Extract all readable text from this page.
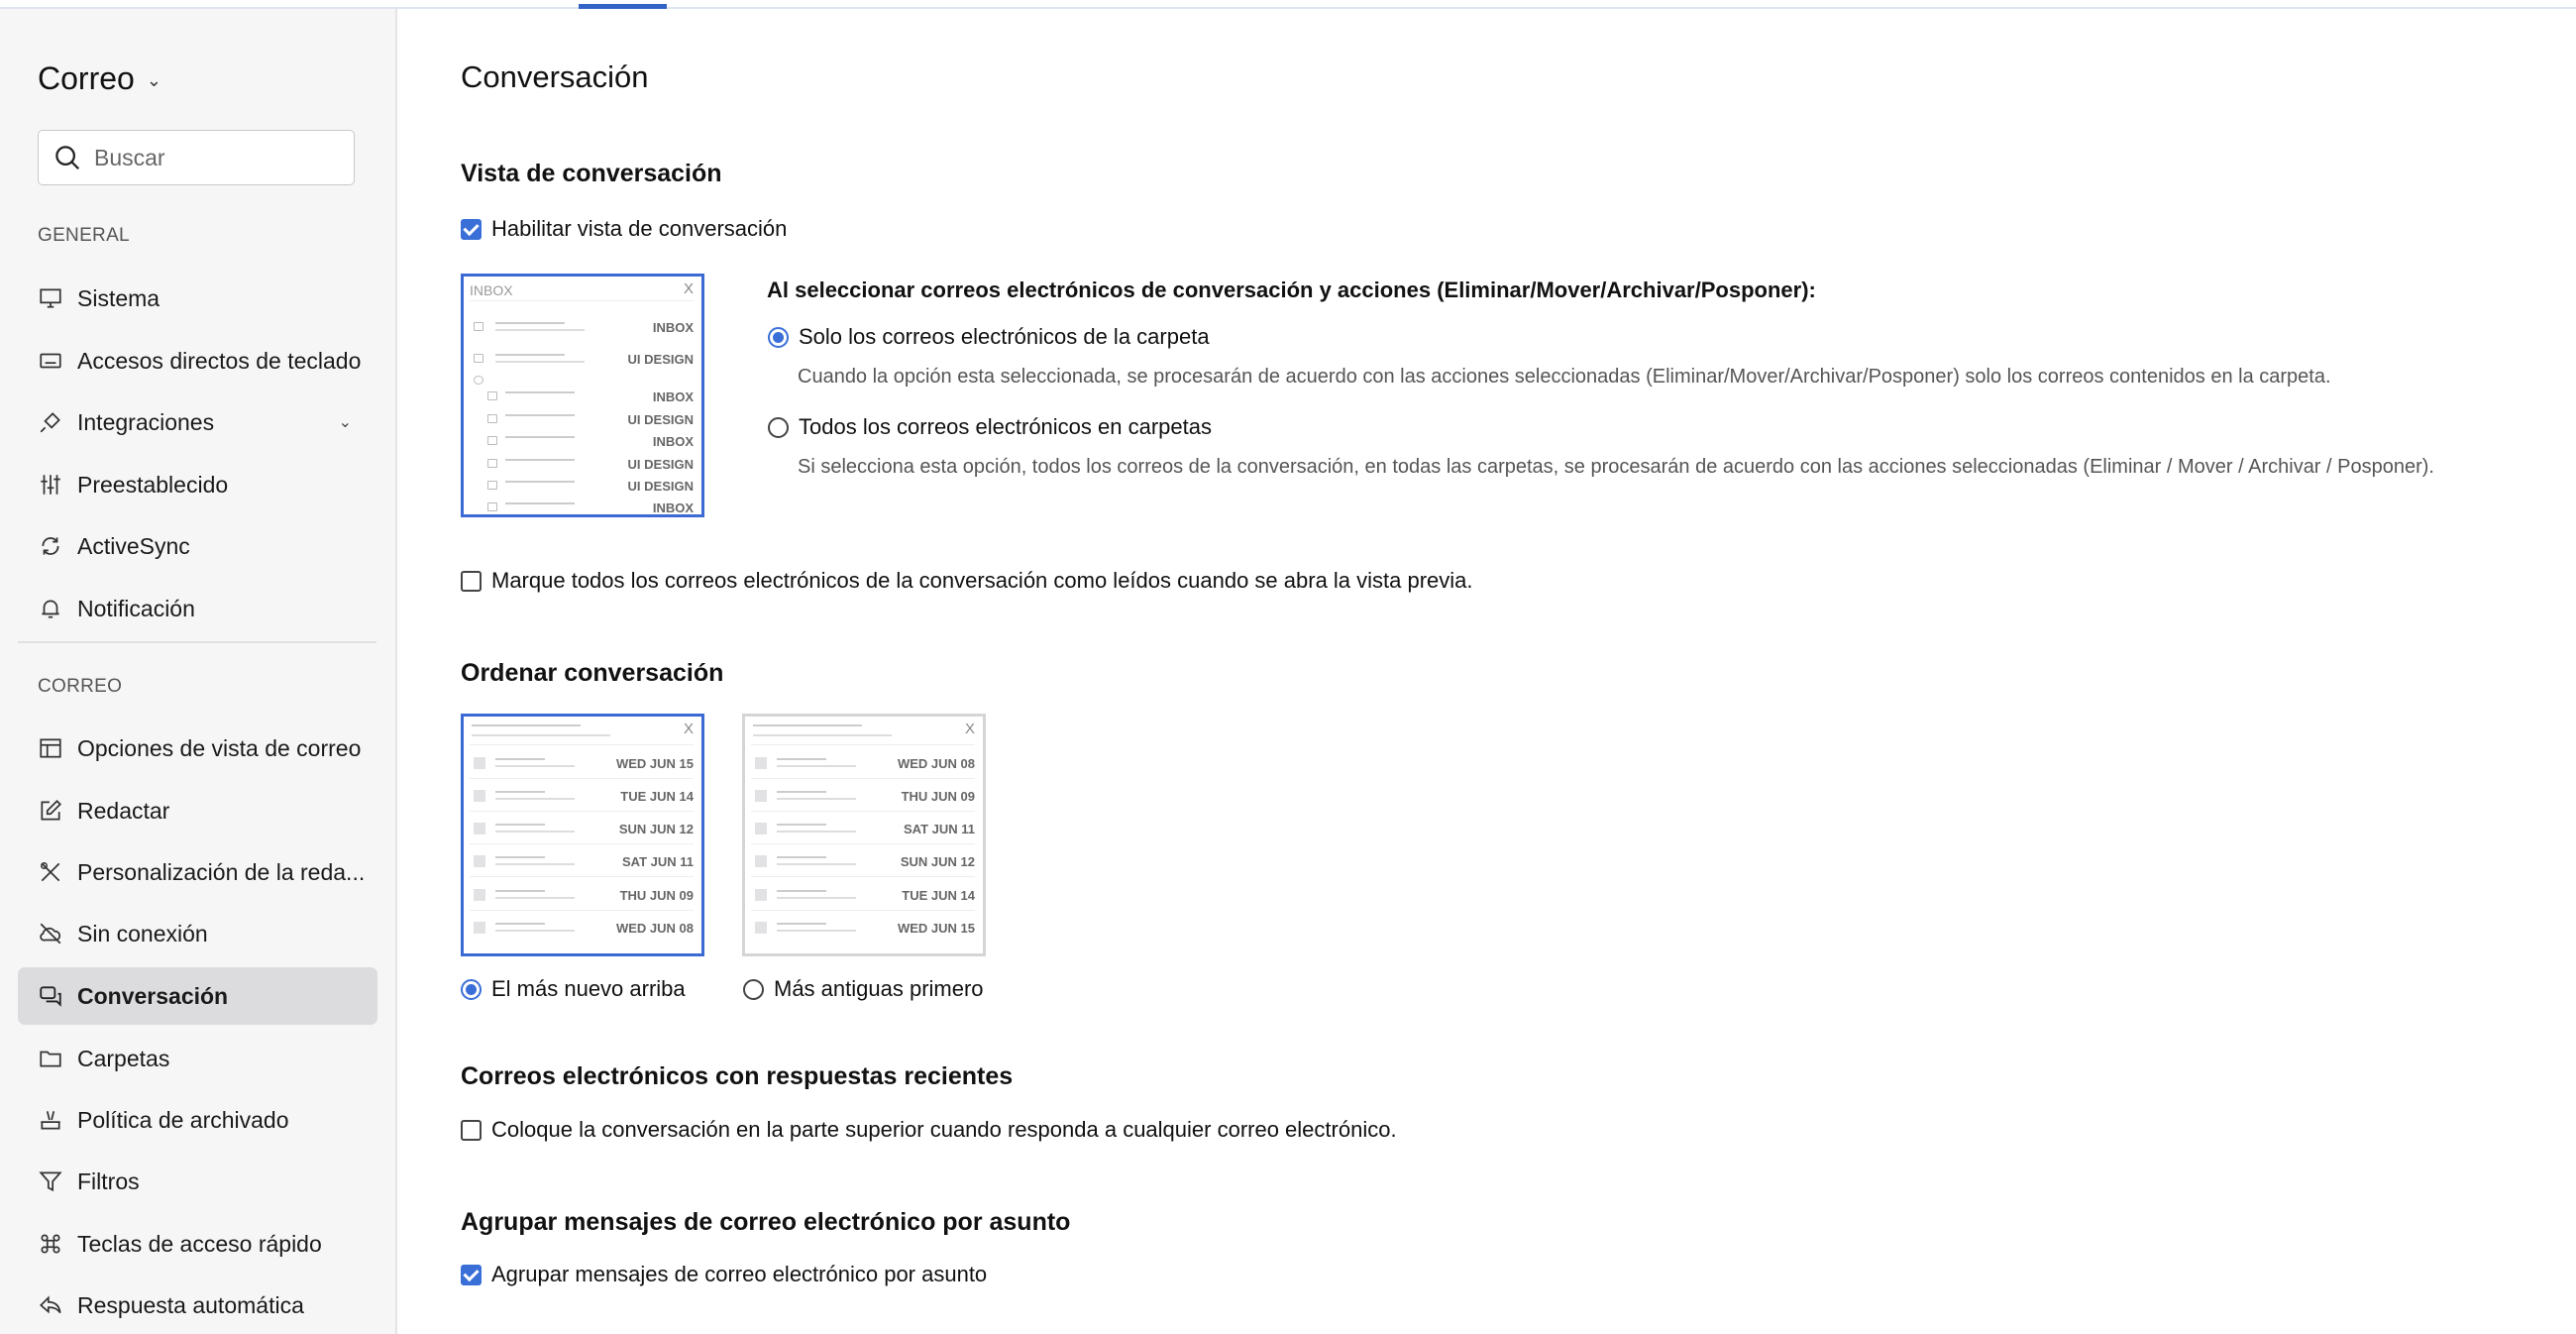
Correo ⌄
Buscar
GENERAL
Sistema
Accesos directos de teclado
Integraciones	⌄
Preestablecido
ActiveSync
Notificación
CORREO
Opciones de vista de correo
Redactar
Personalización de la reda...
Sin conexión
Conversación
Carpetas
Política de archivado
Filtros
Teclas de acceso rápido
Respuesta automática
Conversación
Vista de conversación
Habilitar vista de conversación
INBOX	X
INBOX
UI DESIGN
INBOX
UI DESIGN
INBOX
UI DESIGN
UI DESIGN
INBOX
Al seleccionar correos electrónicos de conversación y acciones (Eliminar/Mover/Archivar/Posponer):
Solo los correos electrónicos de la carpeta
Cuando la opción esta seleccionada, se procesarán de acuerdo con las acciones seleccionadas (Eliminar/Mover/Archivar/Posponer) solo los correos contenidos en la carpeta.
Todos los correos electrónicos en carpetas
Si selecciona esta opción, todos los correos de la conversación, en todas las carpetas, se procesarán de acuerdo con las acciones seleccionadas (Eliminar / Mover / Archivar / Posponer).
Marque todos los correos electrónicos de la conversación como leídos cuando se abra la vista previa.
Ordenar conversación
X
WED JUN 15
TUE JUN 14
SUN JUN 12
SAT JUN 11
THU JUN 09
WED JUN 08
X
WED JUN 08
THU JUN 09
SAT JUN 11
SUN JUN 12
TUE JUN 14
WED JUN 15
El más nuevo arriba	Más antiguas primero
Correos electrónicos con respuestas recientes
Coloque la conversación en la parte superior cuando responda a cualquier correo electrónico.
Agrupar mensajes de correo electrónico por asunto
Agrupar mensajes de correo electrónico por asunto
